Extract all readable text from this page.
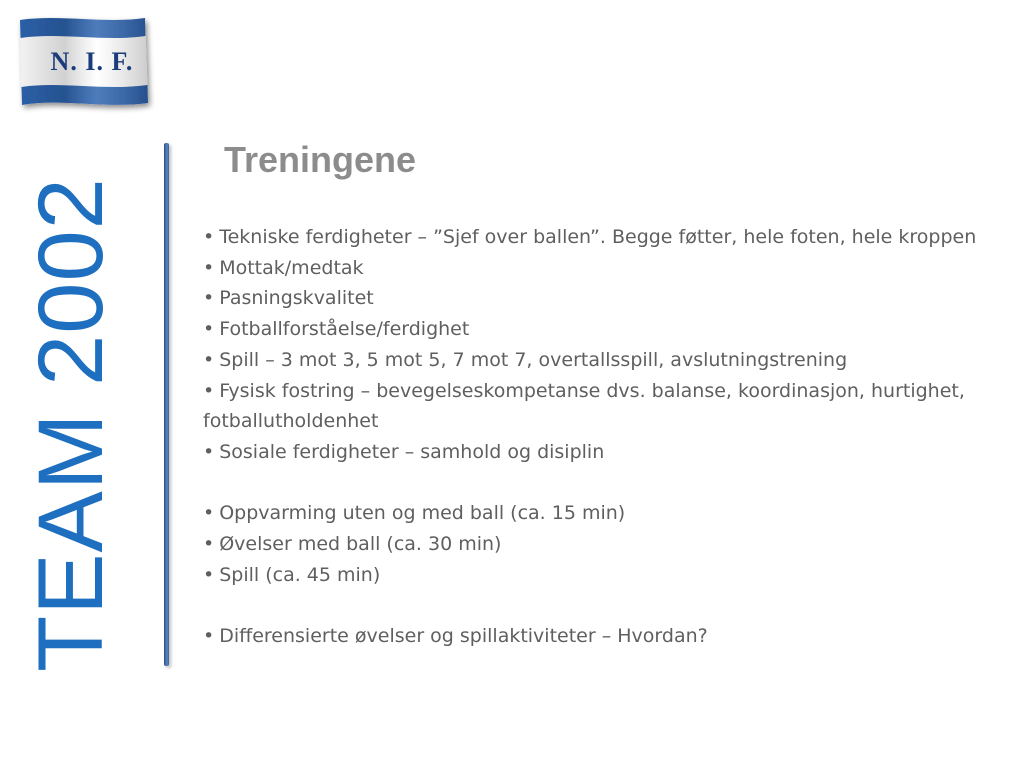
N. I. F.
TEAM 2002
Treningene
• Tekniske ferdigheter – ”Sjef over ballen”. Begge føtter, hele foten, hele kroppen
• Mottak/medtak
• Pasningskvalitet
• Fotballforståelse/ferdighet
• Spill – 3 mot 3, 5 mot 5, 7 mot 7, overtallsspill, avslutningstrening
• Fysisk fostring – bevegelseskompetanse dvs. balanse, koordinasjon, hurtighet, fotballutholdenhet
• Sosiale ferdigheter – samhold og disiplin
• Oppvarming uten og med ball (ca. 15 min)
• Øvelser med ball (ca. 30 min)
• Spill (ca. 45 min)
• Differensierte øvelser og spillaktiviteter – Hvordan?
